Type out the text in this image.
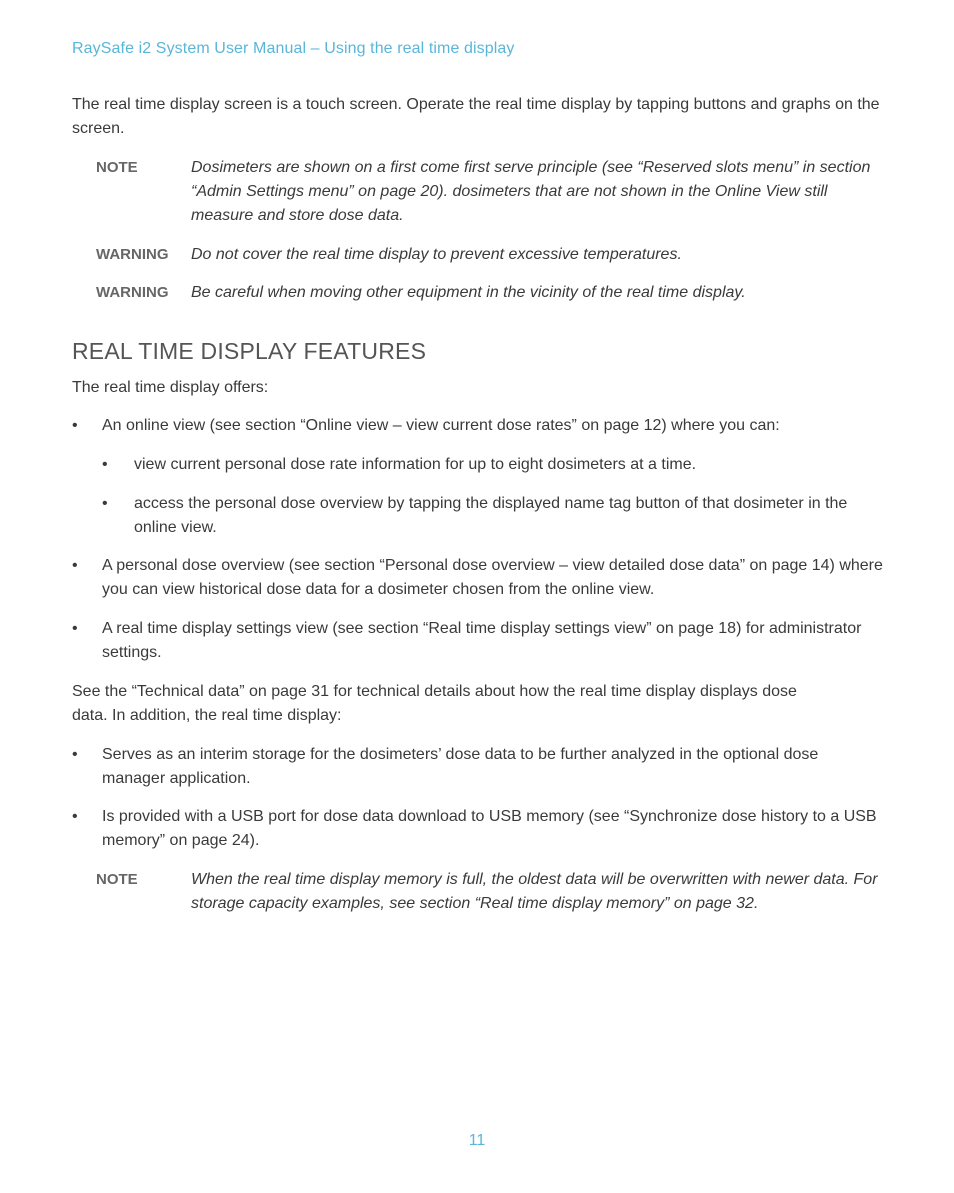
RaySafe i2 System User Manual – Using the real time display
The real time display screen is a touch screen. Operate the real time display by tapping buttons and graphs on the screen.
NOTE	Dosimeters are shown on a first come first serve principle (see “Reserved slots menu” in section “Admin Settings menu” on page 20). dosimeters that are not shown in the Online View still measure and store dose data.
WARNING	Do not cover the real time display to prevent excessive temperatures.
WARNING	Be careful when moving other equipment in the vicinity of the real time display.
REAL TIME DISPLAY FEATURES
The real time display offers:
•	An online view (see section “Online view – view current dose rates” on page 12) where you can:
•	view current personal dose rate information for up to eight dosimeters at a time.
•	access the personal dose overview by tapping the displayed name tag button of that dosimeter in the online view.
•	A personal dose overview (see section “Personal dose overview – view detailed dose data” on page 14) where you can view historical dose data for a dosimeter chosen from the online view.
•	A real time display settings view (see section “Real time display settings view” on page 18) for administrator settings.
See the “Technical data” on page 31 for technical details about how the real time display displays dose data. In addition, the real time display:
•	Serves as an interim storage for the dosimeters’ dose data to be further analyzed in the optional dose manager application.
•	Is provided with a USB port for dose data download to USB memory (see “Synchronize dose history to a USB memory” on page 24).
NOTE	When the real time display memory is full, the oldest data will be overwritten with newer data. For storage capacity examples, see section “Real time display memory” on page 32.
11
